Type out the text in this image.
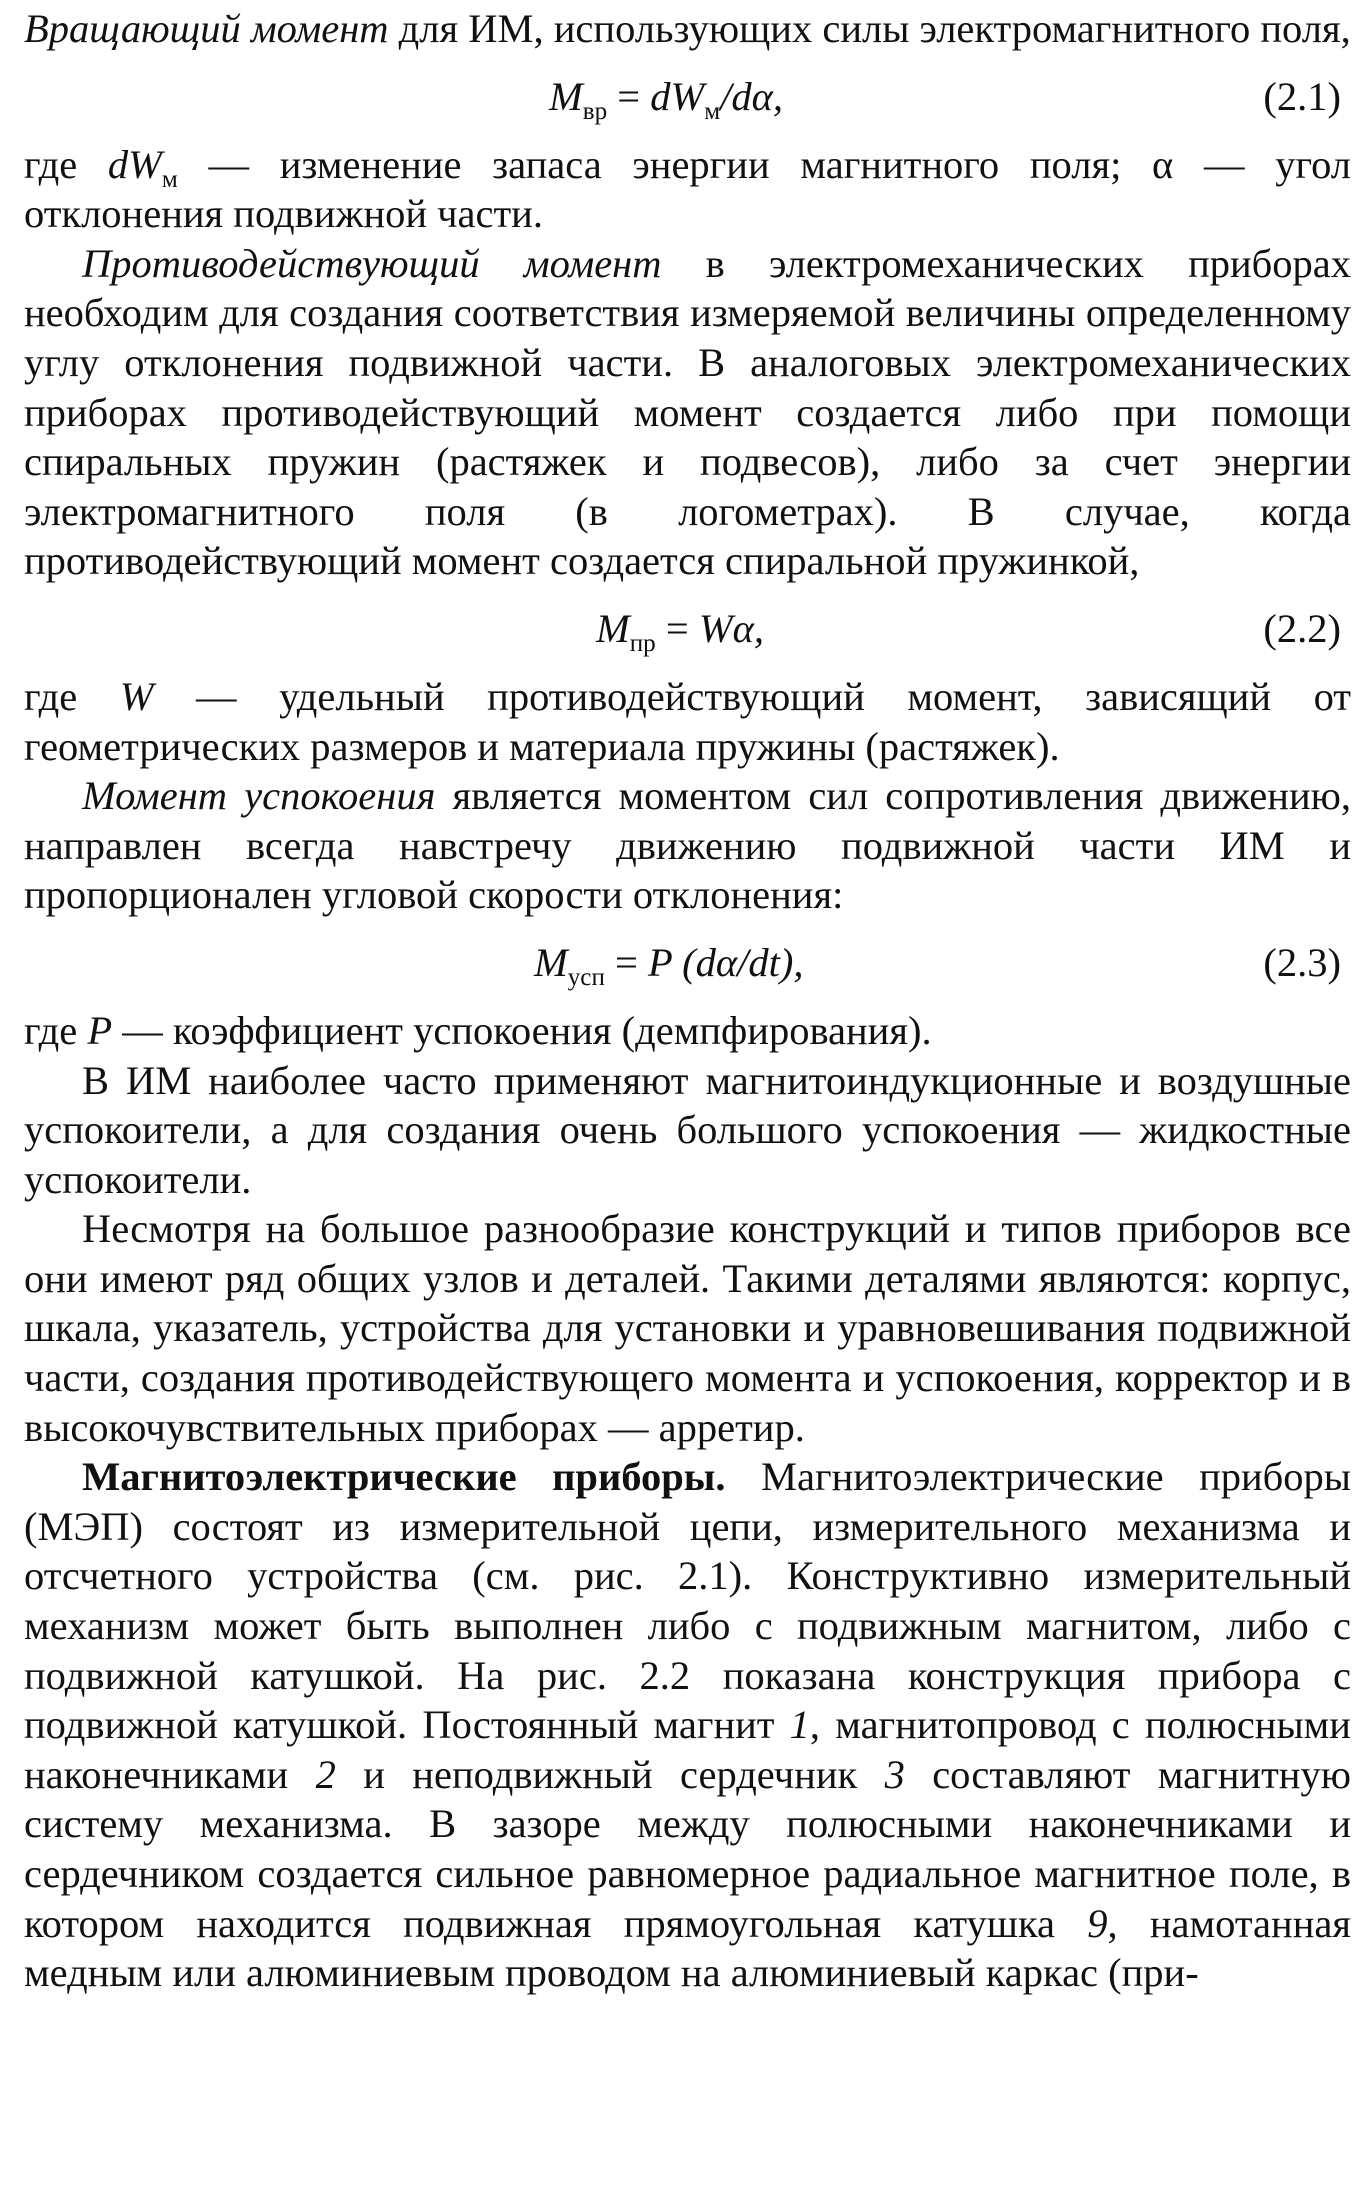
Вращающий момент для ИМ, использующих силы электромагнитного поля,

$M_{вр} = dW_м/d\alpha$,	(2.1)

где $dW_м$ — изменение запаса энергии магнитного поля; α — угол отклонения подвижной части.

Противодействующий момент в электромеханических приборах необходим для создания соответствия измеряемой величины определенному углу отклонения подвижной части. В аналоговых электромеханических приборах противодействующий момент создается либо при помощи спиральных пружин (растяжек и подвесов), либо за счет энергии электромагнитного поля (в логометрах). В случае, когда противодействующий момент создается спиральной пружинкой,

$M_{пр} = W\alpha$,	(2.2)

где W — удельный противодействующий момент, зависящий от геометрических размеров и материала пружины (растяжек).

Момент успокоения является моментом сил сопротивления движению, направлен всегда навстречу движению подвижной части ИМ и пропорционален угловой скорости отклонения:

$M_{усп} = P$ (dα/dt),	(2.3)

где P — коэффициент успокоения (демпфирования).

В ИМ наиболее часто применяют магнитоиндукционные и воздушные успокоители, а для создания очень большого успокоения — жидкостные успокоители.

Несмотря на большое разнообразие конструкций и типов приборов все они имеют ряд общих узлов и деталей. Такими деталями являются: корпус, шкала, указатель, устройства для установки и уравновешивания подвижной части, создания противодействующего момента и успокоения, корректор и в высокочувствительных приборах — арретир.

Магнитоэлектрические приборы. Магнитоэлектрические приборы (МЭП) состоят из измерительной цепи, измерительного механизма и отсчетного устройства (см. рис. 2.1). Конструктивно измерительный механизм может быть выполнен либо с подвижным магнитом, либо с подвижной катушкой. На рис. 2.2 показана конструкция прибора с подвижной катушкой. Постоянный магнит 1, магнитопровод с полюсными наконечниками 2 и неподвижный сердечник 3 составляют магнитную систему механизма. В зазоре между полюсными наконечниками и сердечником создается сильное равномерное радиальное магнитное поле, в котором находится подвижная прямоугольная катушка 9, намотанная медным или алюминиевым проводом на алюминиевый каркас (при-
